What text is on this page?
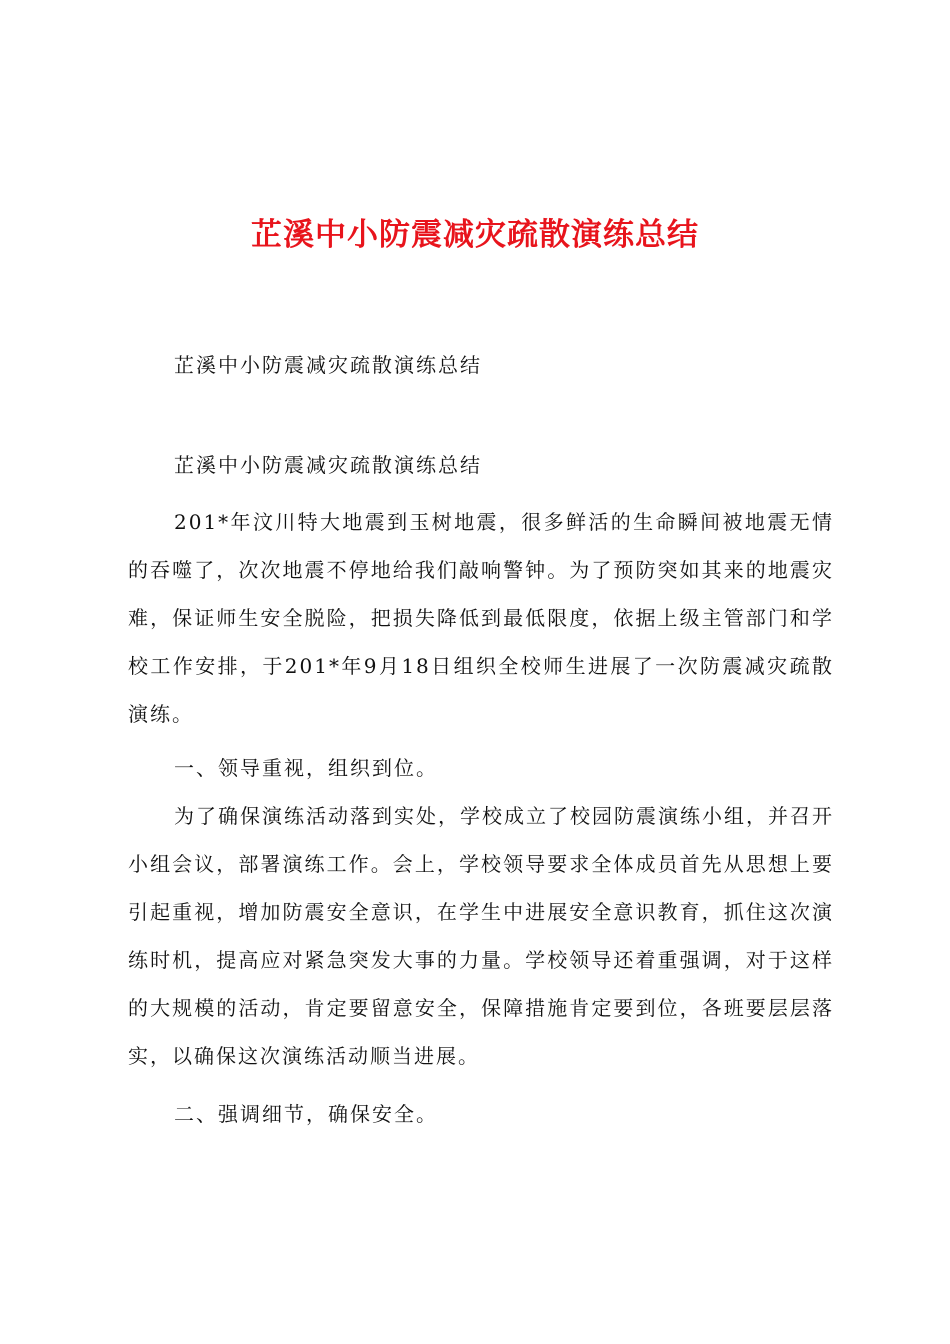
芷溪中小防震减灾疏散演练总结

芷溪中小防震减灾疏散演练总结

芷溪中小防震减灾疏散演练总结

201*年汶川特大地震到玉树地震，很多鲜活的生命瞬间被地震无情的吞噬了，次次地震不停地给我们敲响警钟。为了预防突如其来的地震灾难，保证师生安全脱险，把损失降低到最低限度，依据上级主管部门和学校工作安排，于201*年9月18日组织全校师生进展了一次防震减灾疏散演练。

一、领导重视，组织到位。

为了确保演练活动落到实处，学校成立了校园防震演练小组，并召开小组会议，部署演练工作。会上，学校领导要求全体成员首先从思想上要引起重视，增加防震安全意识，在学生中进展安全意识教育，抓住这次演练时机，提高应对紧急突发大事的力量。学校领导还着重强调，对于这样的大规模的活动，肯定要留意安全，保障措施肯定要到位，各班要层层落实，以确保这次演练活动顺当进展。

二、强调细节，确保安全。
